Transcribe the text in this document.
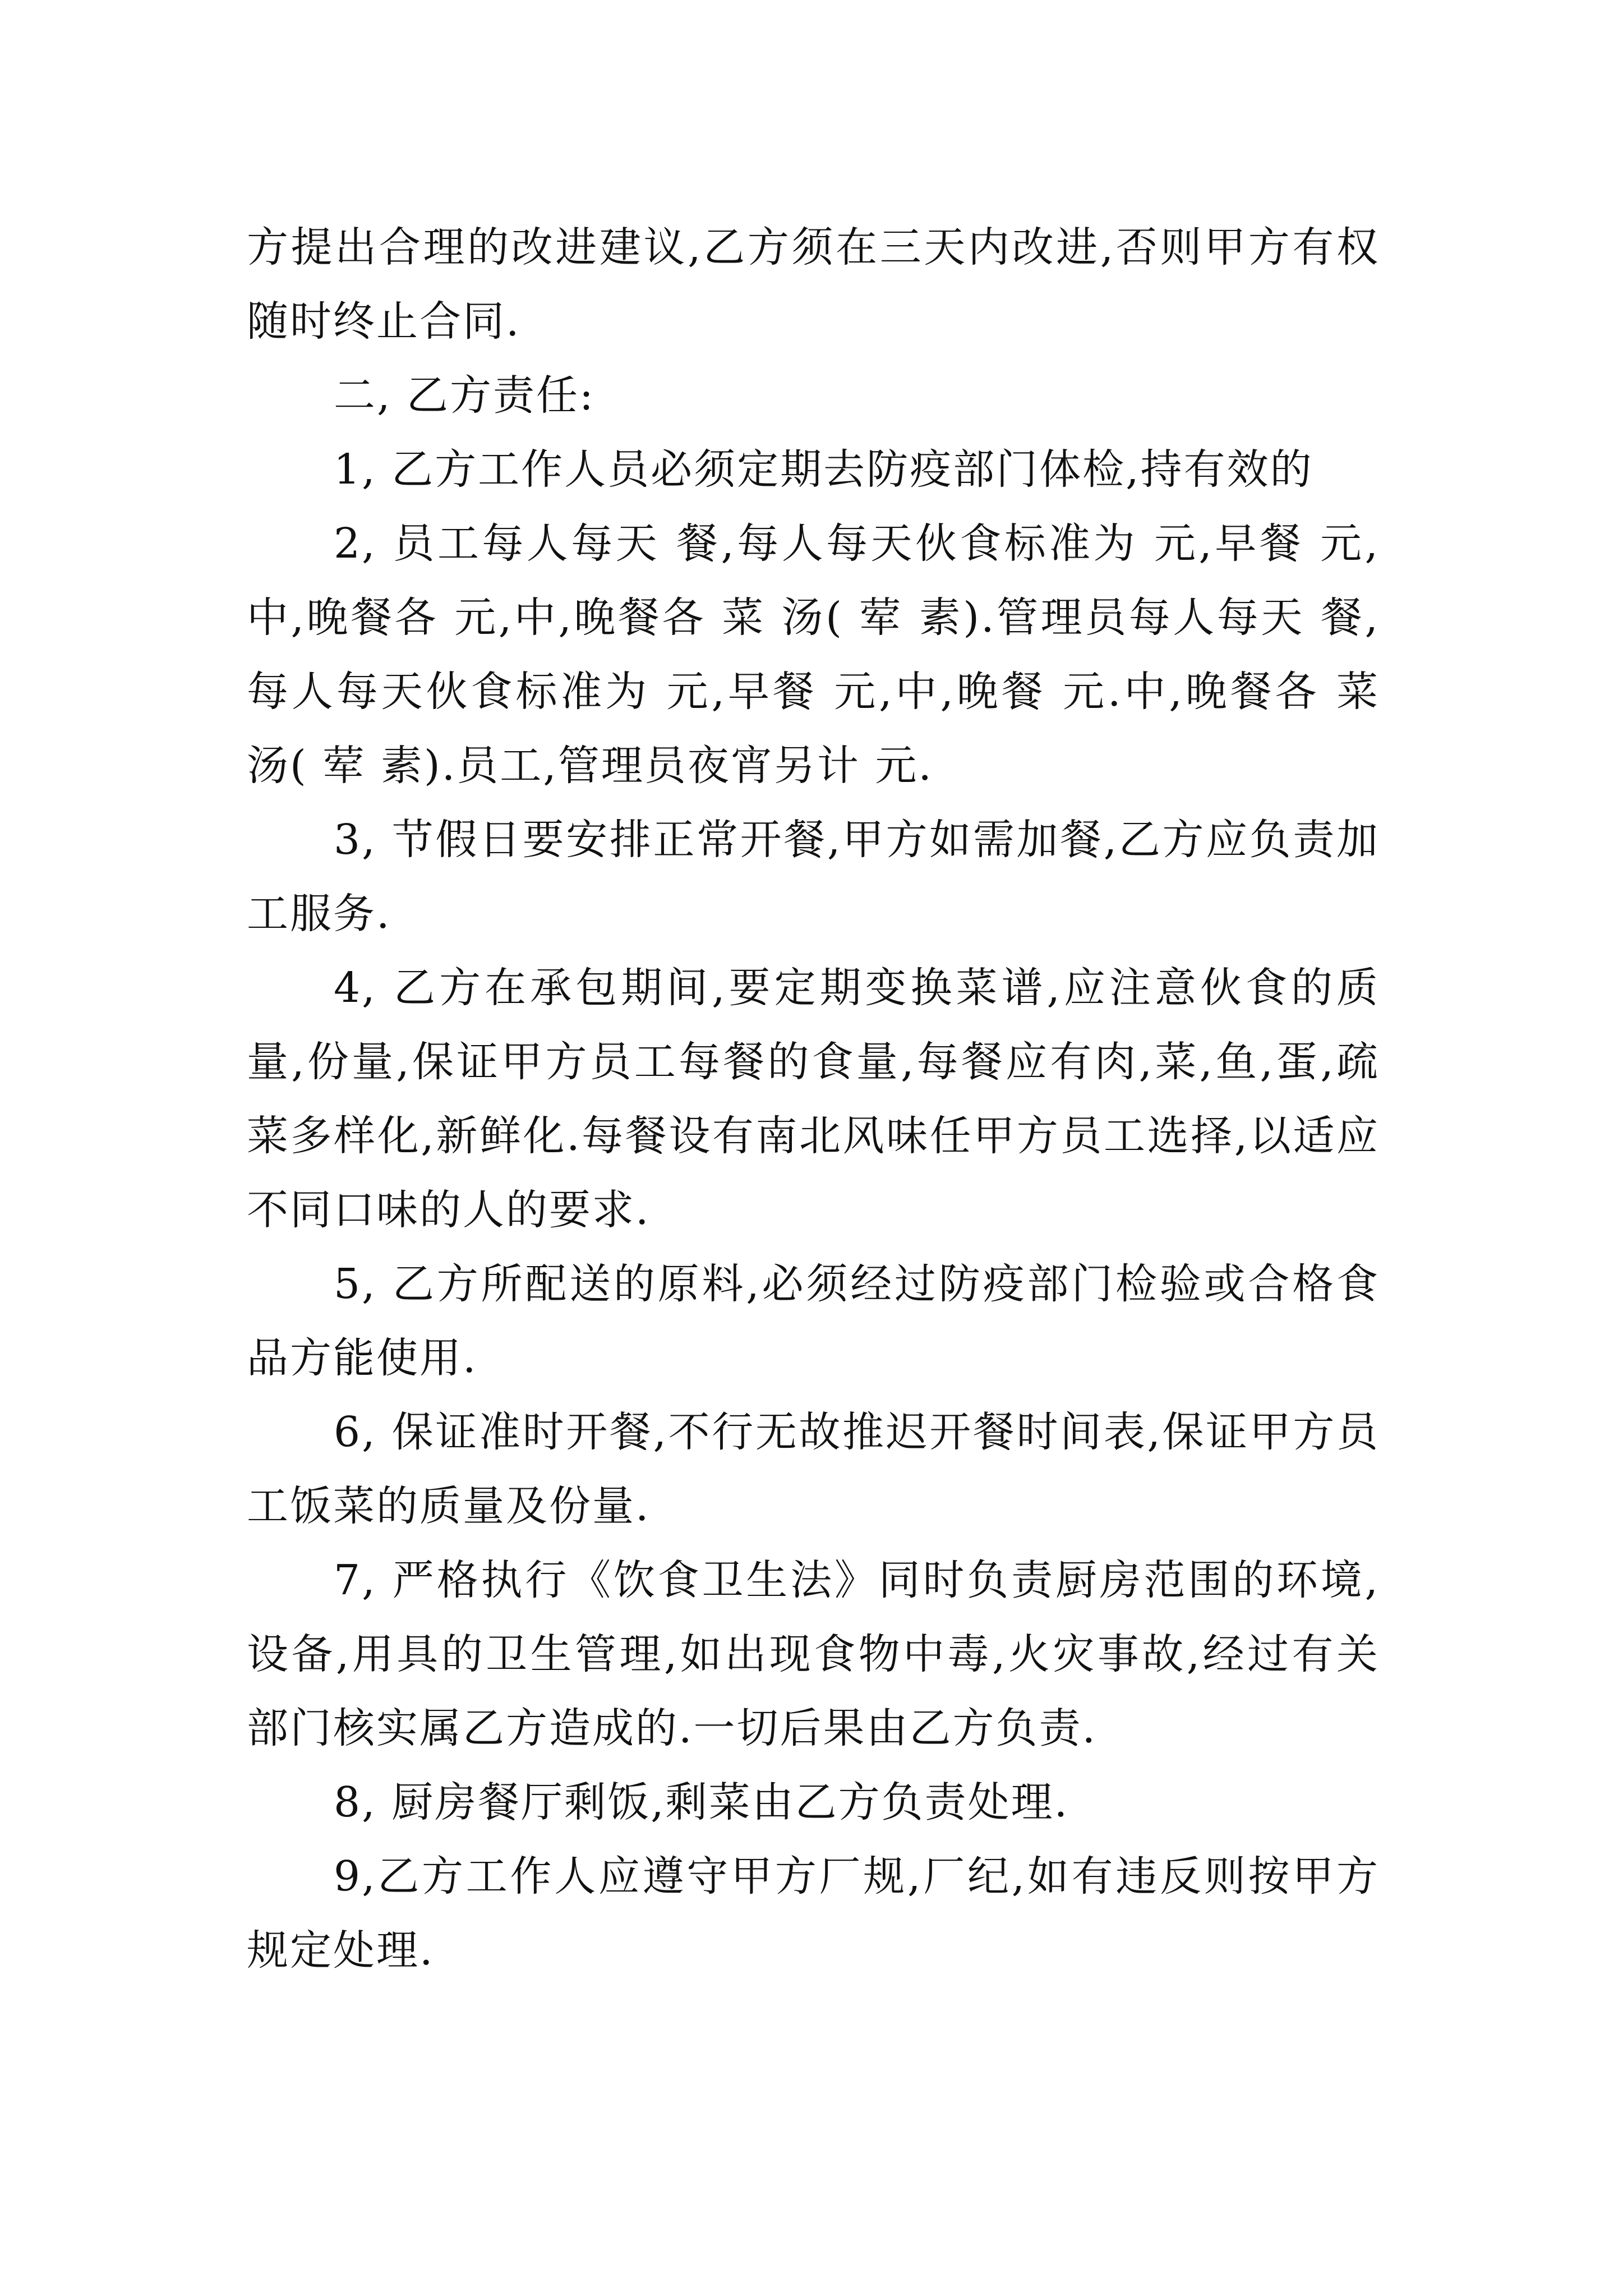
方提出合理的改进建议,乙方须在三天内改进,否则甲方有权随时终止合同.

二, 乙方责任:

1, 乙方工作人员必须定期去防疫部门体检,持有效的

2, 员工每人每天 餐,每人每天伙食标准为 元,早餐 元,中,晚餐各 元,中,晚餐各 菜 汤( 荤 素).管理员每人每天 餐,每人每天伙食标准为 元,早餐 元,中,晚餐 元.中,晚餐各 菜 汤( 荤 素).员工,管理员夜宵另计 元.

3, 节假日要安排正常开餐,甲方如需加餐,乙方应负责加工服务.

4, 乙方在承包期间,要定期变换菜谱,应注意伙食的质量,份量,保证甲方员工每餐的食量,每餐应有肉,菜,鱼,蛋,疏菜多样化,新鲜化.每餐设有南北风味任甲方员工选择,以适应不同口味的人的要求.

5, 乙方所配送的原料,必须经过防疫部门检验或合格食品方能使用.

6, 保证准时开餐,不行无故推迟开餐时间表,保证甲方员工饭菜的质量及份量.

7, 严格执行《饮食卫生法》同时负责厨房范围的环境,设备,用具的卫生管理,如出现食物中毒,火灾事故,经过有关部门核实属乙方造成的.一切后果由乙方负责.

8, 厨房餐厅剩饭,剩菜由乙方负责处理.

9,乙方工作人应遵守甲方厂规,厂纪,如有违反则按甲方规定处理.
